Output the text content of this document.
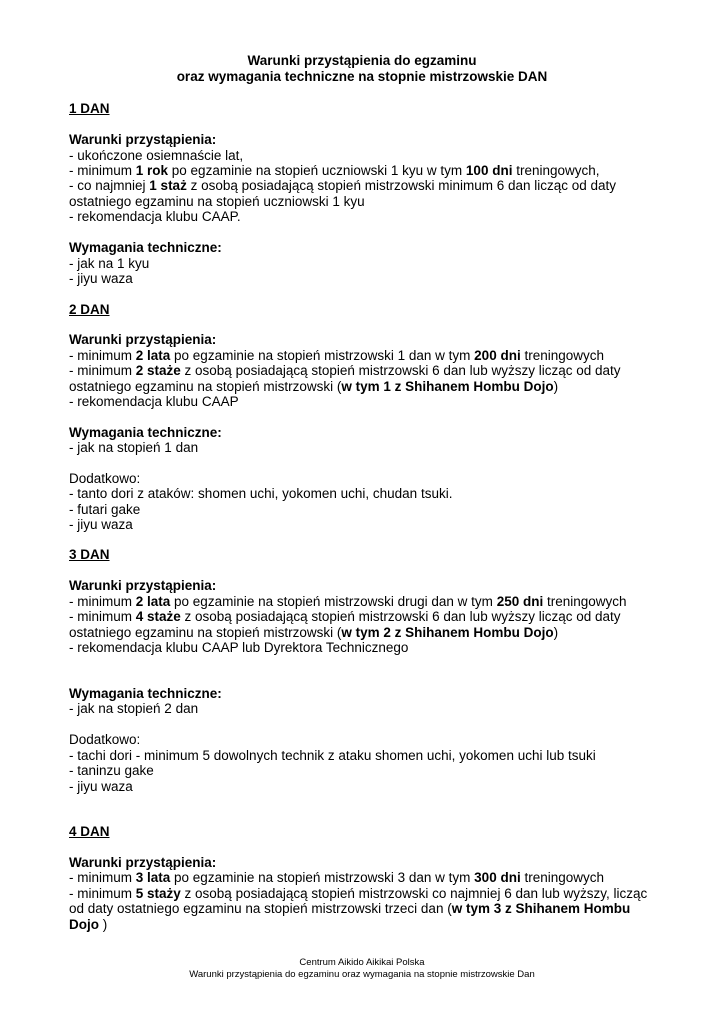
Warunki przystąpienia do egzaminu
oraz wymagania techniczne na stopnie mistrzowskie DAN
1 DAN
Warunki przystąpienia:
- ukończone osiemnaście lat,
- minimum 1 rok po egzaminie na stopień uczniowski 1 kyu w tym 100 dni treningowych,
- co najmniej 1 staż z osobą posiadającą stopień mistrzowski minimum 6 dan licząc od daty
ostatniego egzaminu na stopień uczniowski 1 kyu
- rekomendacja klubu CAAP.
Wymagania techniczne:
- jak na 1 kyu
- jiyu waza
2 DAN
Warunki przystąpienia:
- minimum 2 lata po egzaminie na stopień mistrzowski 1 dan w tym 200 dni treningowych
- minimum 2 staże z osobą posiadającą stopień mistrzowski 6 dan lub wyższy licząc od daty
ostatniego egzaminu na stopień mistrzowski (w tym 1 z Shihanem Hombu Dojo)
- rekomendacja klubu CAAP
Wymagania techniczne:
- jak na stopień 1 dan
Dodatkowo:
- tanto dori z ataków: shomen uchi, yokomen uchi, chudan tsuki.
- futari gake
- jiyu waza
3 DAN
Warunki przystąpienia:
- minimum 2 lata po egzaminie na stopień mistrzowski drugi dan w tym 250 dni treningowych
- minimum 4 staże z osobą posiadającą stopień mistrzowski 6 dan lub wyższy licząc od daty
ostatniego egzaminu na stopień mistrzowski (w tym 2 z Shihanem Hombu Dojo)
- rekomendacja klubu CAAP lub Dyrektora Technicznego
Wymagania techniczne:
- jak na stopień 2 dan
Dodatkowo:
- tachi dori - minimum 5 dowolnych technik z ataku shomen uchi, yokomen uchi lub tsuki
- taninzu gake
- jiyu waza
4 DAN
Warunki przystąpienia:
- minimum 3 lata po egzaminie na stopień mistrzowski 3 dan w tym 300 dni treningowych
- minimum 5 staży z osobą posiadającą stopień mistrzowski co najmniej 6 dan lub wyższy, licząc
od daty ostatniego egzaminu na stopień mistrzowski trzeci dan (w tym 3 z Shihanem Hombu
Dojo )
Centrum Aikido Aikikai Polska
Warunki przystąpienia do egzaminu oraz wymagania na stopnie mistrzowskie Dan
